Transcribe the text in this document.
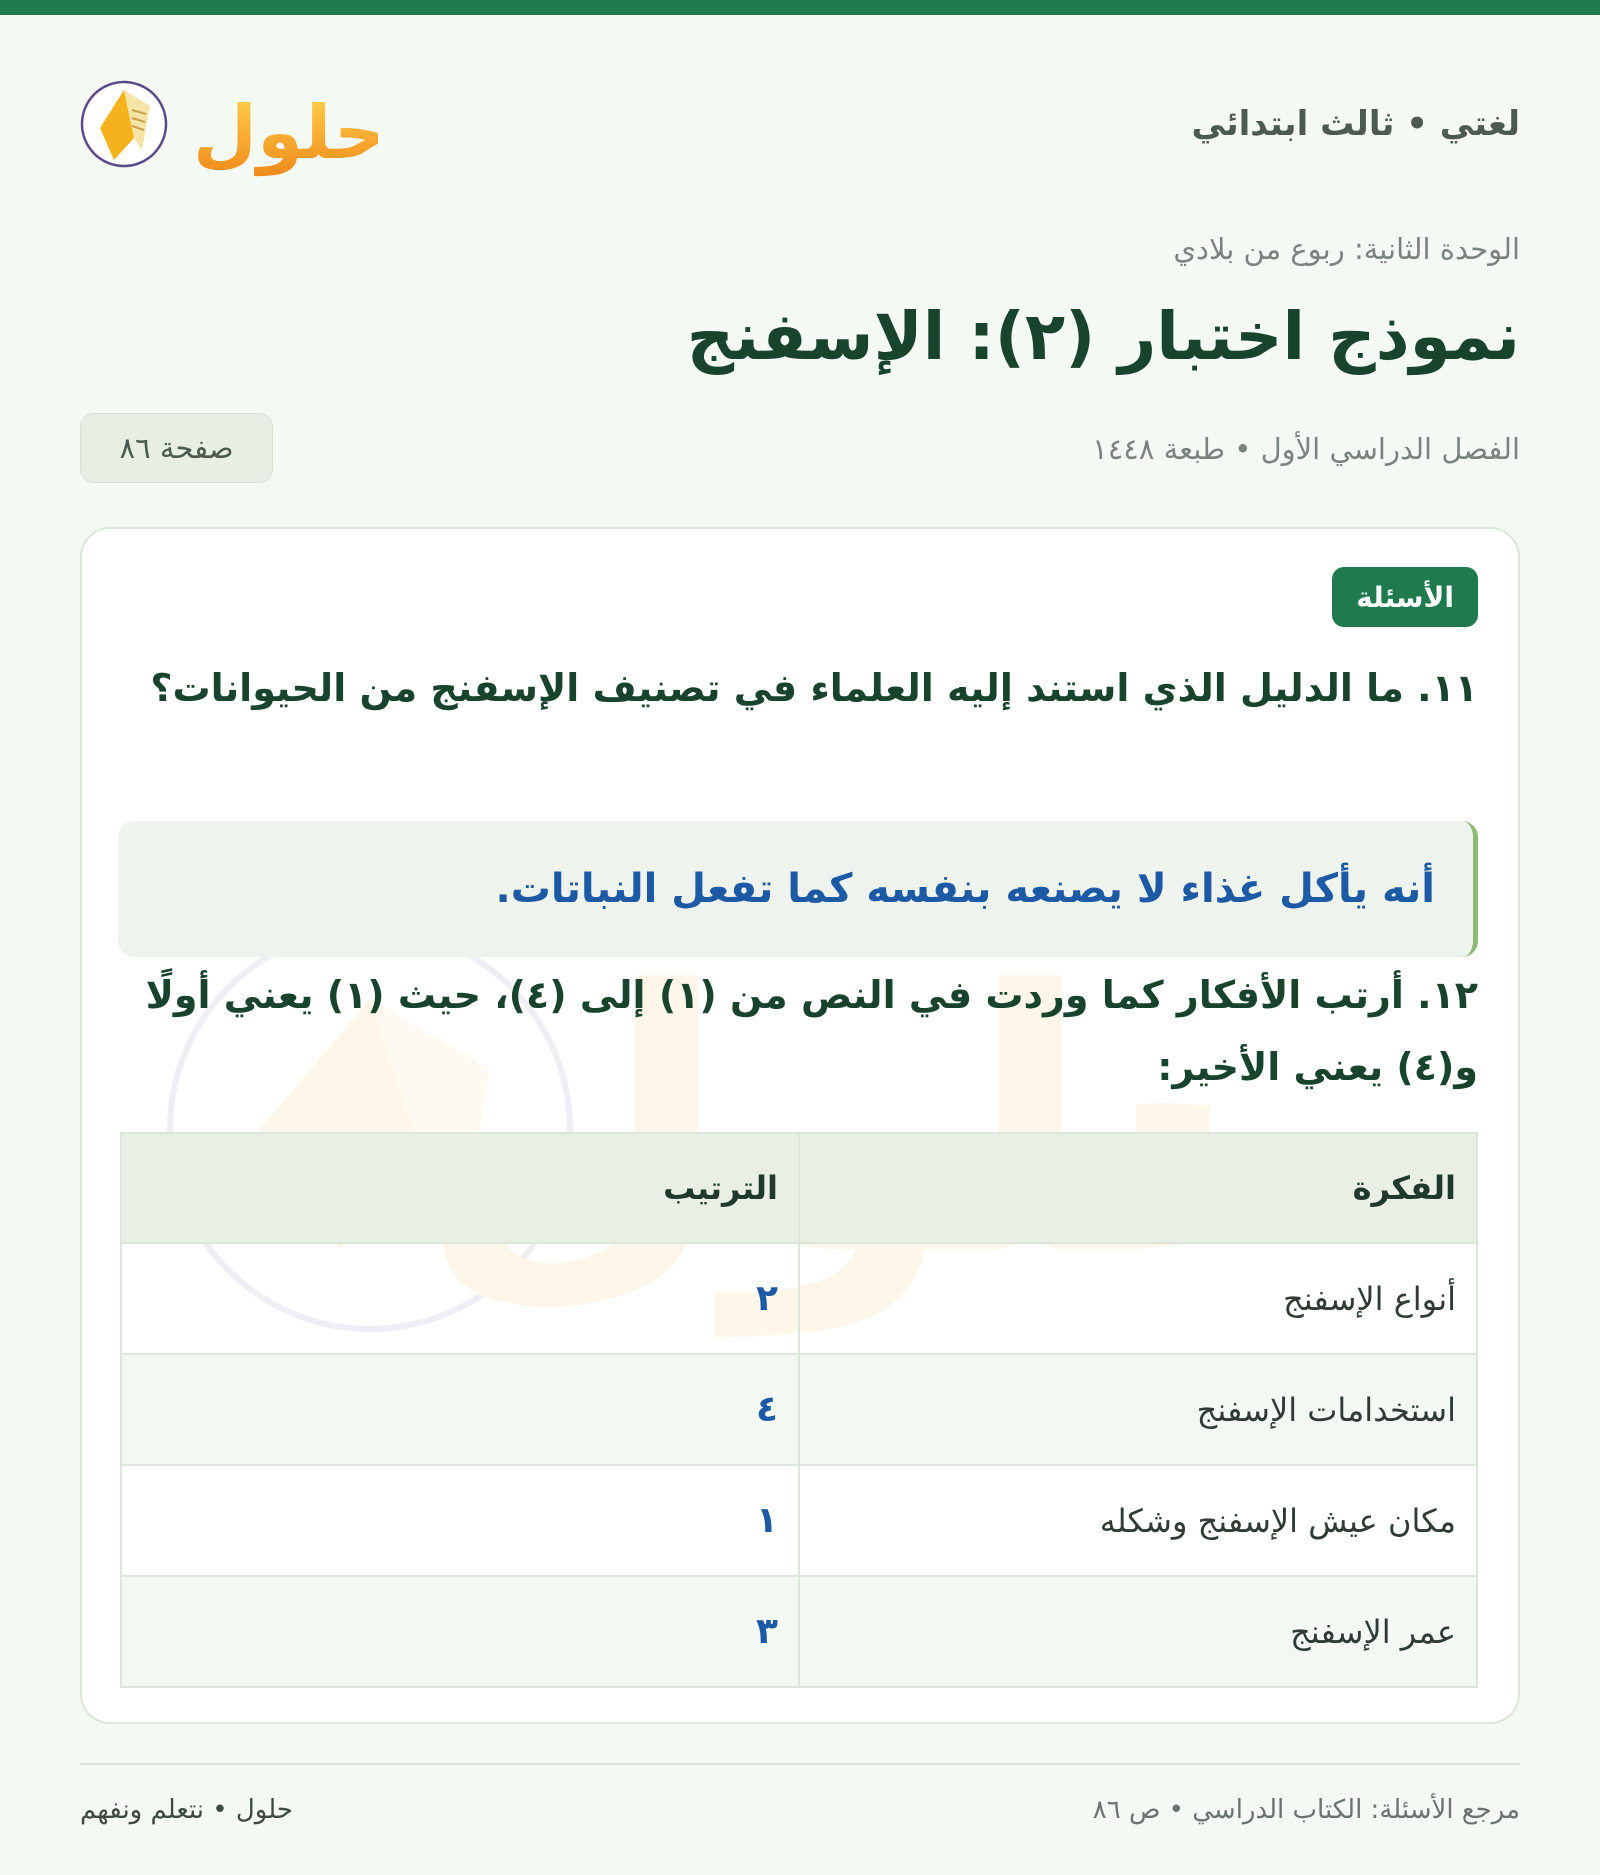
حلول	لغتي • ثالث ابتدائي
الوحدة الثانية: ربوع من بلادي
نموذج اختبار (٢): الإسفنج
الفصل الدراسي الأول • طبعة ١٤٤٨
صفحة ٨٦
لول
الأسئلة

١١. ما الدليل الذي استند إليه العلماء في تصنيف الإسفنج من الحيوانات؟

أنه يأكل غذاء لا يصنعه بنفسه كما تفعل النباتات.

١٢. أرتب الأفكار كما وردت في النص من (١) إلى (٤)، حيث (١) يعني أولًا و(٤) يعني الأخير:

الفكرة	الترتيب
أنواع الإسفنج	٢
استخدامات الإسفنج	٤
مكان عيش الإسفنج وشكله	١
عمر الإسفنج	٣
مرجع الأسئلة: الكتاب الدراسي • ص ٨٦
حلول • نتعلم ونفهم
